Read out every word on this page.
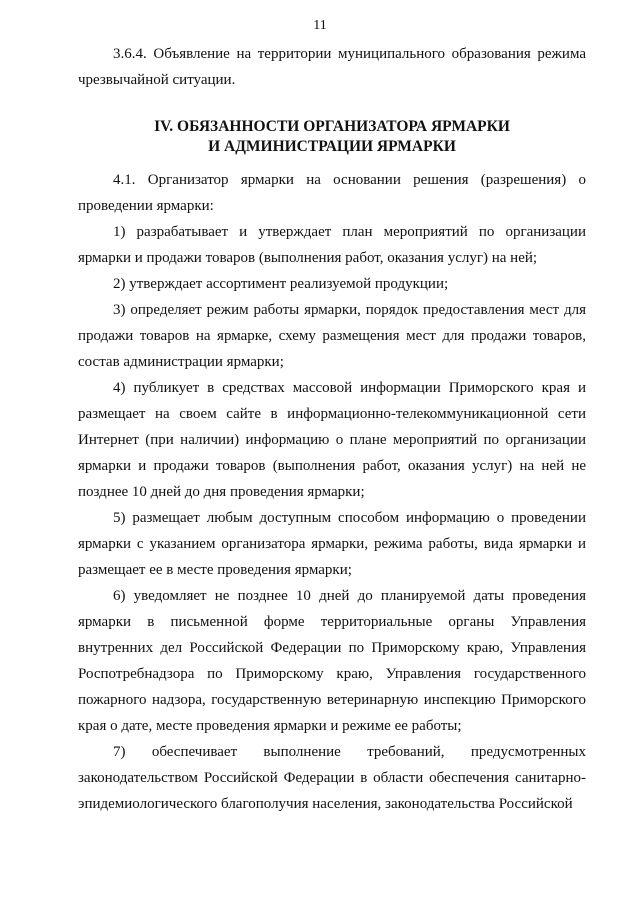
11

3.6.4. Объявление на территории муниципального образования режима чрезвычайной ситуации.

IV. ОБЯЗАННОСТИ ОРГАНИЗАТОРА ЯРМАРКИ
И АДМИНИСТРАЦИИ ЯРМАРКИ

4.1. Организатор ярмарки на основании решения (разрешения) о проведении ярмарки:

1) разрабатывает и утверждает план мероприятий по организации ярмарки и продажи товаров (выполнения работ, оказания услуг) на ней;

2) утверждает ассортимент реализуемой продукции;

3) определяет режим работы ярмарки, порядок предоставления мест для продажи товаров на ярмарке, схему размещения мест для продажи товаров, состав администрации ярмарки;

4) публикует в средствах массовой информации Приморского края и размещает на своем сайте в информационно-телекоммуникационной сети Интернет (при наличии) информацию о плане мероприятий по организации ярмарки и продажи товаров (выполнения работ, оказания услуг) на ней не позднее 10 дней до дня проведения ярмарки;

5) размещает любым доступным способом информацию о проведении ярмарки с указанием организатора ярмарки, режима работы, вида ярмарки и размещает ее в месте проведения ярмарки;

6) уведомляет не позднее 10 дней до планируемой даты проведения ярмарки в письменной форме территориальные органы Управления внутренних дел Российской Федерации по Приморскому краю, Управления Роспотребнадзора по Приморскому краю, Управления государственного пожарного надзора, государственную ветеринарную инспекцию Приморского края о дате, месте проведения ярмарки и режиме ее работы;

7) обеспечивает выполнение требований, предусмотренных законодательством Российской Федерации в области обеспечения санитарно-эпидемиологического благополучия населения, законодательства Российской
